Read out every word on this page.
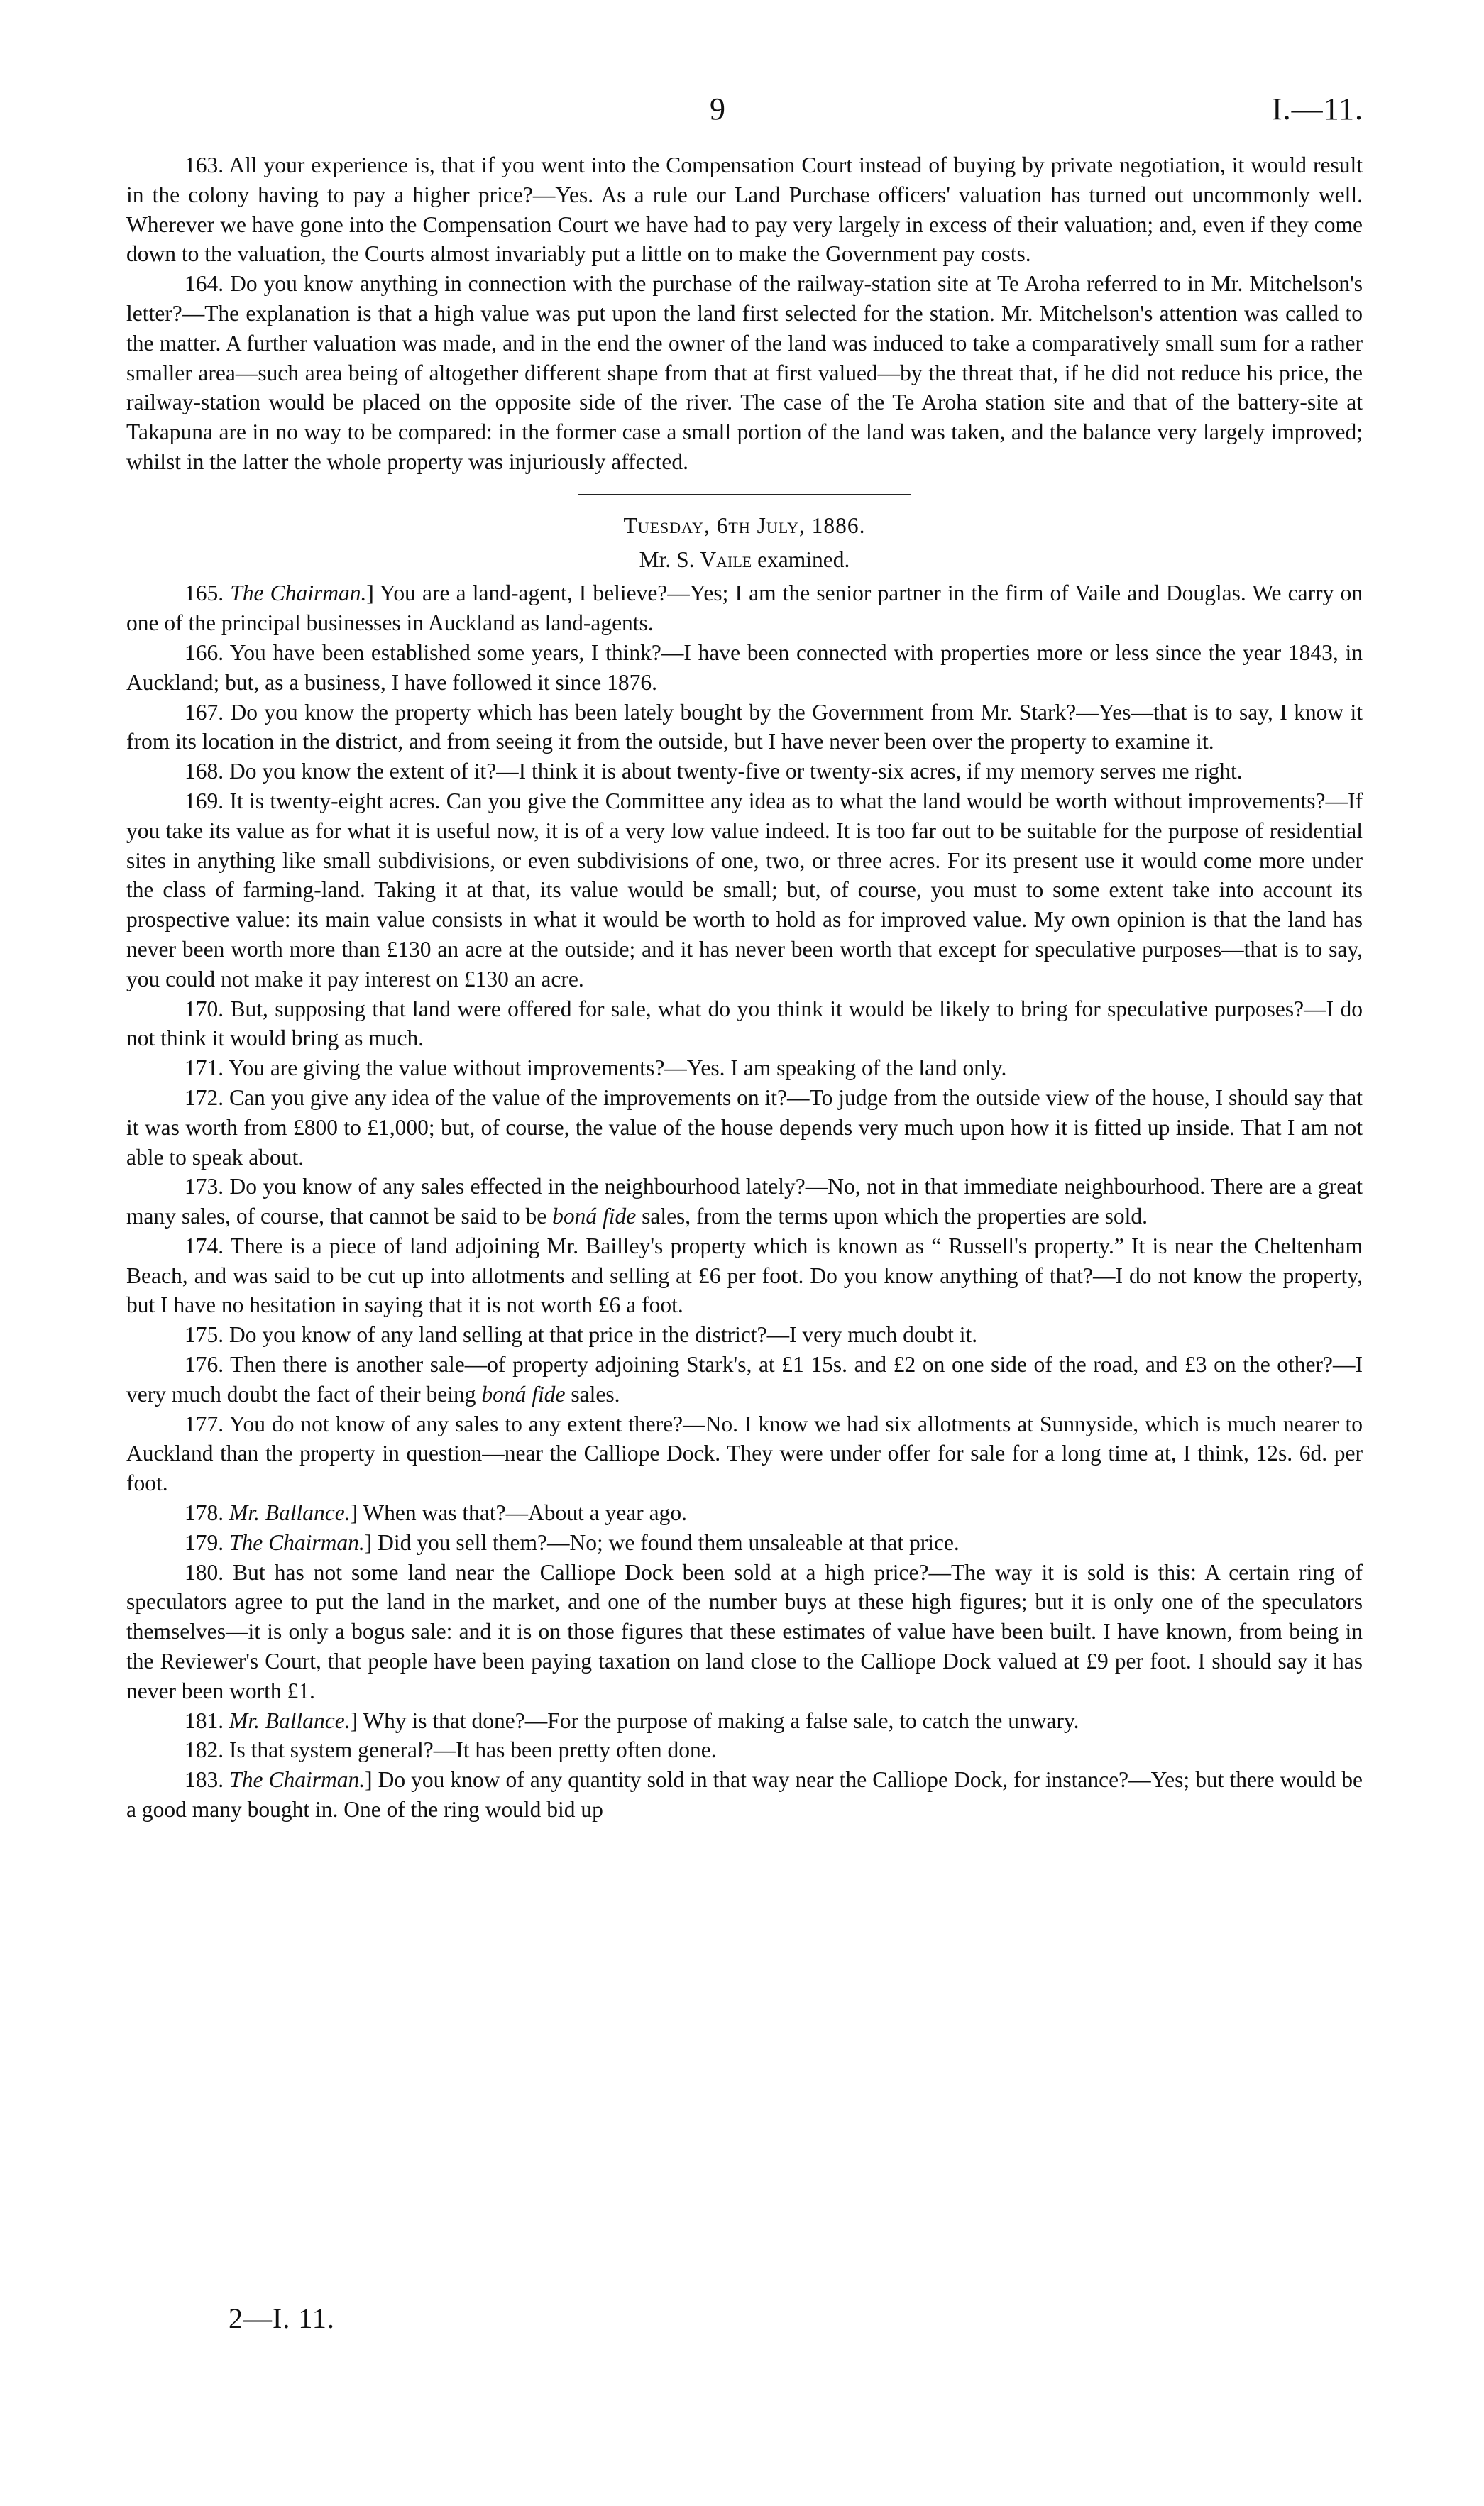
9	I.—11.

163. All your experience is, that if you went into the Compensation Court instead of buying by private negotiation, it would result in the colony having to pay a higher price?—Yes. As a rule our Land Purchase officers' valuation has turned out uncommonly well. Wherever we have gone into the Compensation Court we have had to pay very largely in excess of their valuation; and, even if they come down to the valuation, the Courts almost invariably put a little on to make the Government pay costs.

164. Do you know anything in connection with the purchase of the railway-station site at Te Aroha referred to in Mr. Mitchelson's letter?—The explanation is that a high value was put upon the land first selected for the station. Mr. Mitchelson's attention was called to the matter. A further valuation was made, and in the end the owner of the land was induced to take a comparatively small sum for a rather smaller area—such area being of altogether different shape from that at first valued—by the threat that, if he did not reduce his price, the railway-station would be placed on the opposite side of the river. The case of the Te Aroha station site and that of the battery-site at Takapuna are in no way to be compared: in the former case a small portion of the land was taken, and the balance very largely improved; whilst in the latter the whole property was injuriously affected.

Tuesday, 6th July, 1886.

Mr. S. Vaile examined.

165. The Chairman.] You are a land-agent, I believe?—Yes; I am the senior partner in the firm of Vaile and Douglas. We carry on one of the principal businesses in Auckland as land-agents.

166. You have been established some years, I think?—I have been connected with properties more or less since the year 1843, in Auckland; but, as a business, I have followed it since 1876.

167. Do you know the property which has been lately bought by the Government from Mr. Stark?—Yes—that is to say, I know it from its location in the district, and from seeing it from the outside, but I have never been over the property to examine it.

168. Do you know the extent of it?—I think it is about twenty-five or twenty-six acres, if my memory serves me right.

169. It is twenty-eight acres. Can you give the Committee any idea as to what the land would be worth without improvements?—If you take its value as for what it is useful now, it is of a very low value indeed. It is too far out to be suitable for the purpose of residential sites in anything like small subdivisions, or even subdivisions of one, two, or three acres. For its present use it would come more under the class of farming-land. Taking it at that, its value would be small; but, of course, you must to some extent take into account its prospective value: its main value consists in what it would be worth to hold as for improved value. My own opinion is that the land has never been worth more than £130 an acre at the outside; and it has never been worth that except for speculative purposes—that is to say, you could not make it pay interest on £130 an acre.

170. But, supposing that land were offered for sale, what do you think it would be likely to bring for speculative purposes?—I do not think it would bring as much.

171. You are giving the value without improvements?—Yes. I am speaking of the land only.

172. Can you give any idea of the value of the improvements on it?—To judge from the outside view of the house, I should say that it was worth from £800 to £1,000; but, of course, the value of the house depends very much upon how it is fitted up inside. That I am not able to speak about.

173. Do you know of any sales effected in the neighbourhood lately?—No, not in that immediate neighbourhood. There are a great many sales, of course, that cannot be said to be boná fide sales, from the terms upon which the properties are sold.

174. There is a piece of land adjoining Mr. Bailley's property which is known as “ Russell's property.” It is near the Cheltenham Beach, and was said to be cut up into allotments and selling at £6 per foot. Do you know anything of that?—I do not know the property, but I have no hesitation in saying that it is not worth £6 a foot.

175. Do you know of any land selling at that price in the district?—I very much doubt it.

176. Then there is another sale—of property adjoining Stark's, at £1 15s. and £2 on one side of the road, and £3 on the other?—I very much doubt the fact of their being boná fide sales.

177. You do not know of any sales to any extent there?—No. I know we had six allotments at Sunnyside, which is much nearer to Auckland than the property in question—near the Calliope Dock. They were under offer for sale for a long time at, I think, 12s. 6d. per foot.

178. Mr. Ballance.] When was that?—About a year ago.

179. The Chairman.] Did you sell them?—No; we found them unsaleable at that price.

180. But has not some land near the Calliope Dock been sold at a high price?—The way it is sold is this: A certain ring of speculators agree to put the land in the market, and one of the number buys at these high figures; but it is only one of the speculators themselves—it is only a bogus sale: and it is on those figures that these estimates of value have been built. I have known, from being in the Reviewer's Court, that people have been paying taxation on land close to the Calliope Dock valued at £9 per foot. I should say it has never been worth £1.

181. Mr. Ballance.] Why is that done?—For the purpose of making a false sale, to catch the unwary.

182. Is that system general?—It has been pretty often done.

183. The Chairman.] Do you know of any quantity sold in that way near the Calliope Dock, for instance?—Yes; but there would be a good many bought in. One of the ring would bid up

2—I. 11.
